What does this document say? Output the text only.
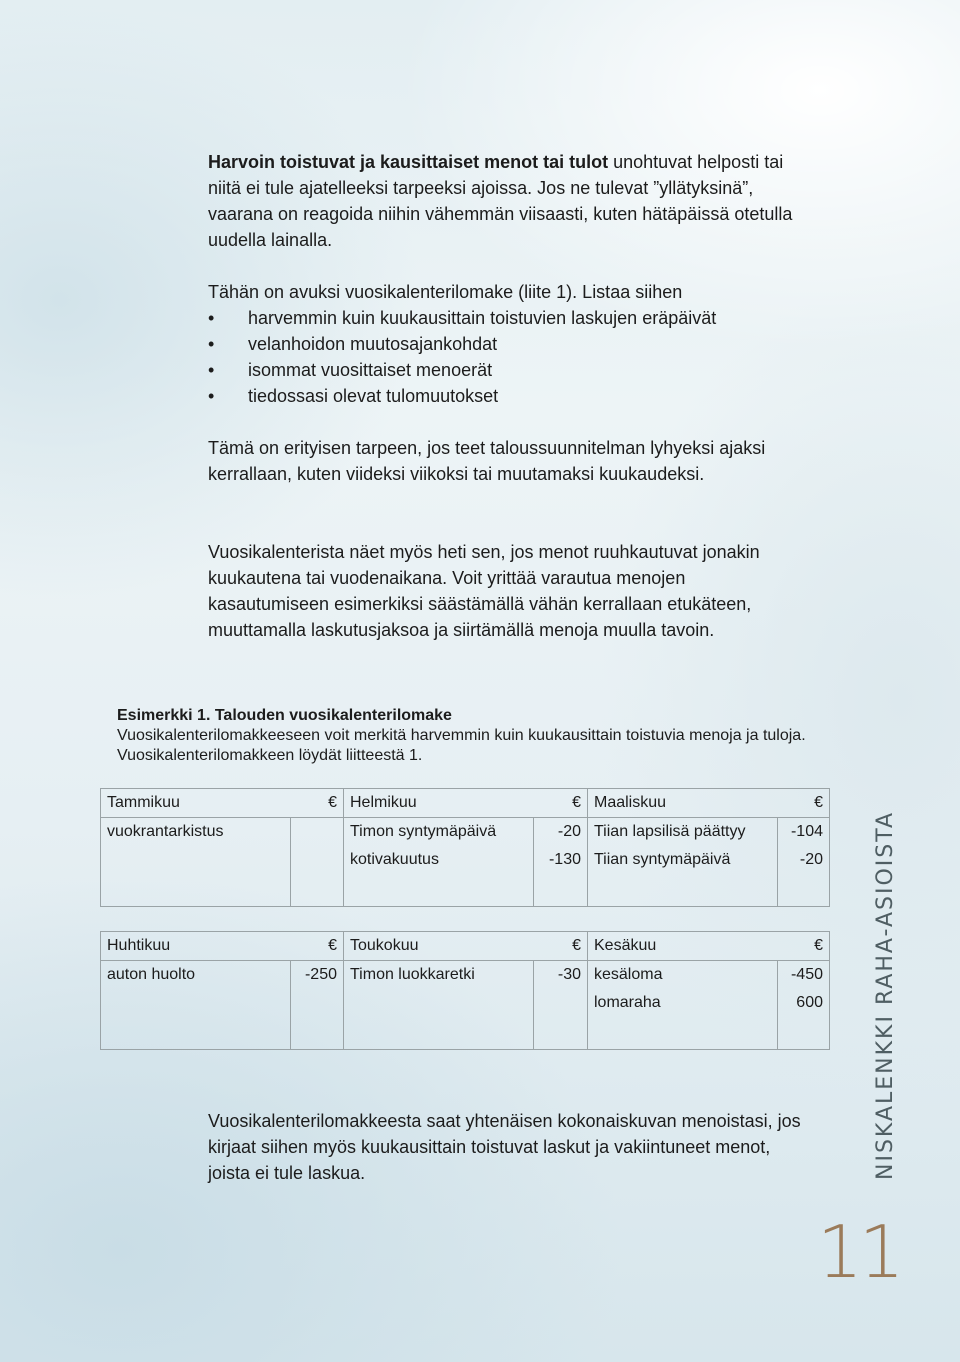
Harvoin toistuvat ja kausittaiset menot tai tulot unohtuvat helposti tai niitä ei tule ajatelleeksi tarpeeksi ajoissa. Jos ne tulevat ”yllätyksinä”, vaarana on reagoida niihin vähemmän viisaasti, kuten hätäpäissä otetulla uudella lainalla.

Tähän on avuksi vuosikalenterilomake (liite 1). Listaa siihen

• harvemmin kuin kuukausittain toistuvien laskujen eräpäivät
• velanhoidon muutosajankohdat
• isommat vuosittaiset menoerät
• tiedossasi olevat tulomuutokset

Tämä on erityisen tarpeen, jos teet taloussuunnitelman lyhyeksi ajaksi kerrallaan, kuten viideksi viikoksi tai muutamaksi kuukaudeksi.

Vuosikalenterista näet myös heti sen, jos menot ruuhkautuvat jonakin kuukautena tai vuodenaikana. Voit yrittää varautua menojen kasautumiseen esimerkiksi säästämällä vähän kerrallaan etukäteen, muuttamalla laskutusjaksoa ja siirtämällä menoja muulla tavoin.

Esimerkki 1. Talouden vuosikalenterilomake
Vuosikalenterilomakkeeseen voit merkitä harvemmin kuin kuukausittain toistuvia menoja ja tuloja. Vuosikalenterilomakkeen löydät liitteestä 1.
Tammikuu	€	Helmikuu	€	Maaliskuu	€
vuokrantarkistus		Timon syntymäpäivä	-20	Tiian lapsilisä päättyy	-104
		kotivakuutus	-130	Tiian syntymäpäivä	-20

Huhtikuu	€	Toukokuu	€	Kesäkuu	€
auton huolto	-250	Timon luokkaretki	-30	kesäloma	-450
				lomaraha	600

Vuosikalenterilomakkeesta saat yhtenäisen kokonaiskuvan menoistasi, jos kirjaat siihen myös kuukausittain toistuvat laskut ja vakiintuneet menot, joista ei tule laskua.	NISKALENKKI RAHA-ASIOISTA
11
